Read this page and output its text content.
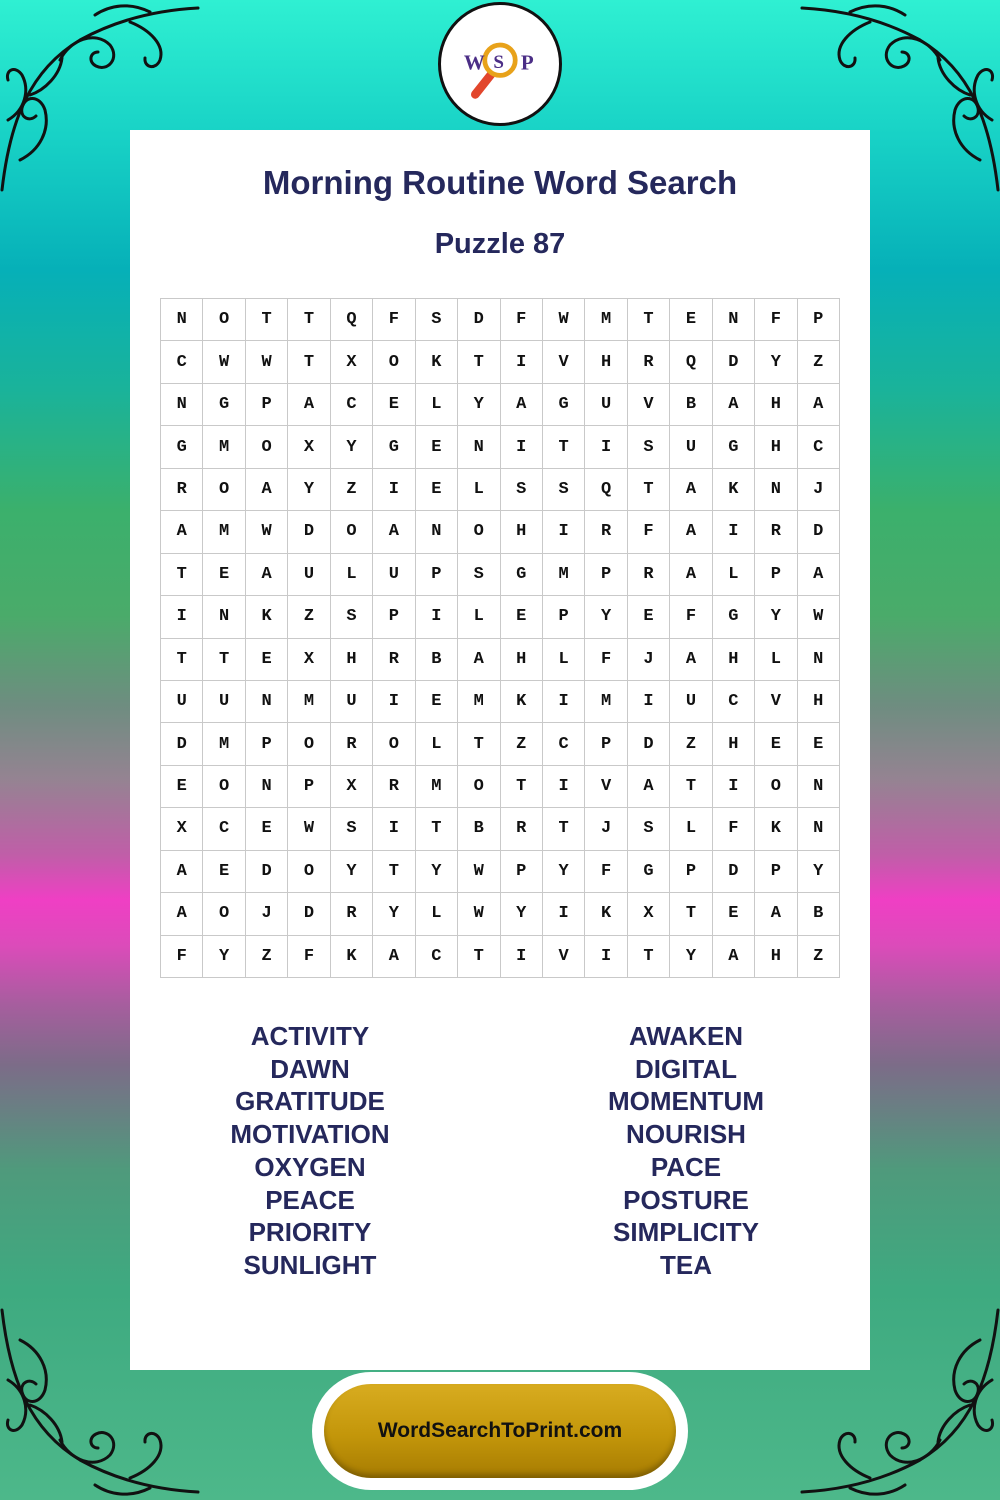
W S P
Morning Routine Word Search
Puzzle 87
N	O	T	T	Q	F	S	D	F	W	M	T	E	N	F	P
C	W	W	T	X	O	K	T	I	V	H	R	Q	D	Y	Z
N	G	P	A	C	E	L	Y	A	G	U	V	B	A	H	A
G	M	O	X	Y	G	E	N	I	T	I	S	U	G	H	C
R	O	A	Y	Z	I	E	L	S	S	Q	T	A	K	N	J
A	M	W	D	O	A	N	O	H	I	R	F	A	I	R	D
T	E	A	U	L	U	P	S	G	M	P	R	A	L	P	A
I	N	K	Z	S	P	I	L	E	P	Y	E	F	G	Y	W
T	T	E	X	H	R	B	A	H	L	F	J	A	H	L	N
U	U	N	M	U	I	E	M	K	I	M	I	U	C	V	H
D	M	P	O	R	O	L	T	Z	C	P	D	Z	H	E	E
E	O	N	P	X	R	M	O	T	I	V	A	T	I	O	N
X	C	E	W	S	I	T	B	R	T	J	S	L	F	K	N
A	E	D	O	Y	T	Y	W	P	Y	F	G	P	D	P	Y
A	O	J	D	R	Y	L	W	Y	I	K	X	T	E	A	B
F	Y	Z	F	K	A	C	T	I	V	I	T	Y	A	H	Z
ACTIVITY
DAWN
GRATITUDE
MOTIVATION
OXYGEN
PEACE
PRIORITY
SUNLIGHT
AWAKEN
DIGITAL
MOMENTUM
NOURISH
PACE
POSTURE
SIMPLICITY
TEA
WordSearchToPrint.com
